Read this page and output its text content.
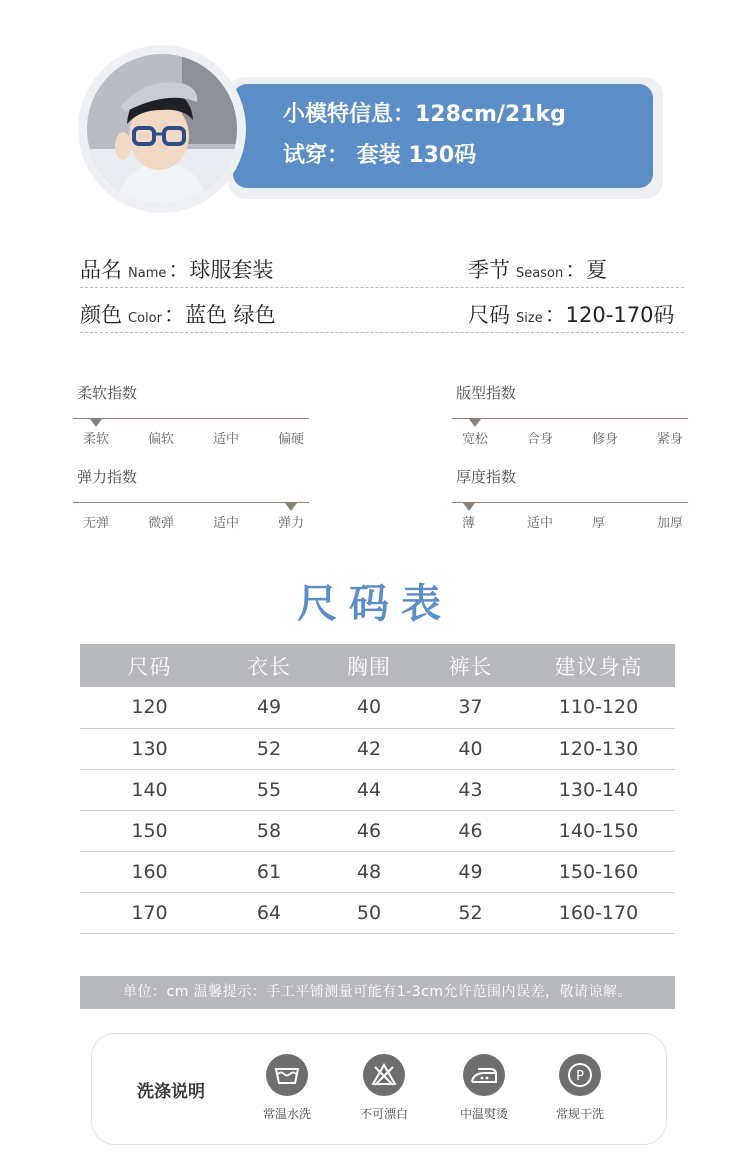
小模特信息：128cm/21kg
试穿： 套装 130码
品名 Name：球服套装	季节 Season：夏
颜色 Color：蓝色 绿色	尺码 Size：120-170码
柔软指数
柔软	偏软	适中	偏硬
版型指数
宽松	合身	修身	紧身
弹力指数
无弹	微弹	适中	弹力
厚度指数
薄	适中	厚	加厚
尺码表
尺码	衣长	胸围	裤长	建议身高
120	49	40	37	110-120
130	52	42	40	120-130
140	55	44	43	130-140
150	58	46	46	140-150
160	61	48	49	150-160
170	64	50	52	160-170
单位：cm 温馨提示：手工平铺测量可能有1-3cm允许范围内误差，敬请谅解。
洗涤说明
常温水洗	不可漂白	中温熨烫
P
常规干洗
